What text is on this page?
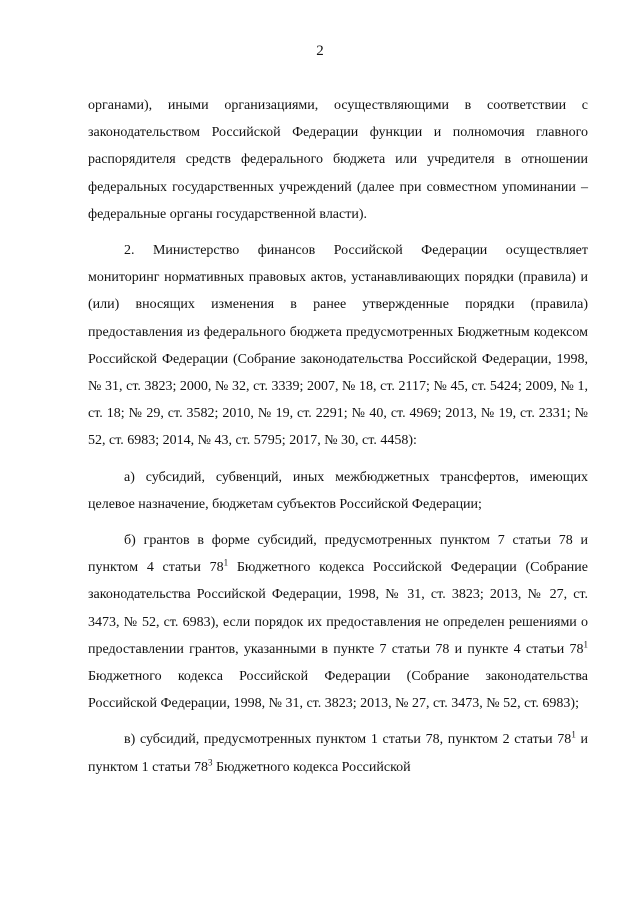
2

органами), иными организациями, осуществляющими в соответствии с законодательством Российской Федерации функции и полномочия главного распорядителя средств федерального бюджета или учредителя в отношении федеральных государственных учреждений (далее при совместном упоминании – федеральные органы государственной власти).

2. Министерство финансов Российской Федерации осуществляет мониторинг нормативных правовых актов, устанавливающих порядки (правила) и (или) вносящих изменения в ранее утвержденные порядки (правила) предоставления из федерального бюджета предусмотренных Бюджетным кодексом Российской Федерации (Собрание законодательства Российской Федерации, 1998, № 31, ст. 3823; 2000, № 32, ст. 3339; 2007, № 18, ст. 2117; № 45, ст. 5424; 2009, № 1, ст. 18; № 29, ст. 3582; 2010, № 19, ст. 2291; № 40, ст. 4969; 2013, № 19, ст. 2331; № 52, ст. 6983; 2014, № 43, ст. 5795; 2017, № 30, ст. 4458):

а) субсидий, субвенций, иных межбюджетных трансфертов, имеющих целевое назначение, бюджетам субъектов Российской Федерации;

б) грантов в форме субсидий, предусмотренных пунктом 7 статьи 78 и пунктом 4 статьи $78^1$ Бюджетного кодекса Российской Федерации (Собрание законодательства Российской Федерации, 1998, № 31, ст. 3823; 2013, № 27, ст. 3473, № 52, ст. 6983), если порядок их предоставления не определен решениями о предоставлении грантов, указанными в пункте 7 статьи 78 и пункте 4 статьи $78^1$ Бюджетного кодекса Российской Федерации (Собрание законодательства Российской Федерации, 1998, № 31, ст. 3823; 2013, № 27, ст. 3473, № 52, ст. 6983);

в) субсидий, предусмотренных пунктом 1 статьи 78, пунктом 2 статьи $78^1$ и пунктом 1 статьи $78^3$ Бюджетного кодекса Российской
